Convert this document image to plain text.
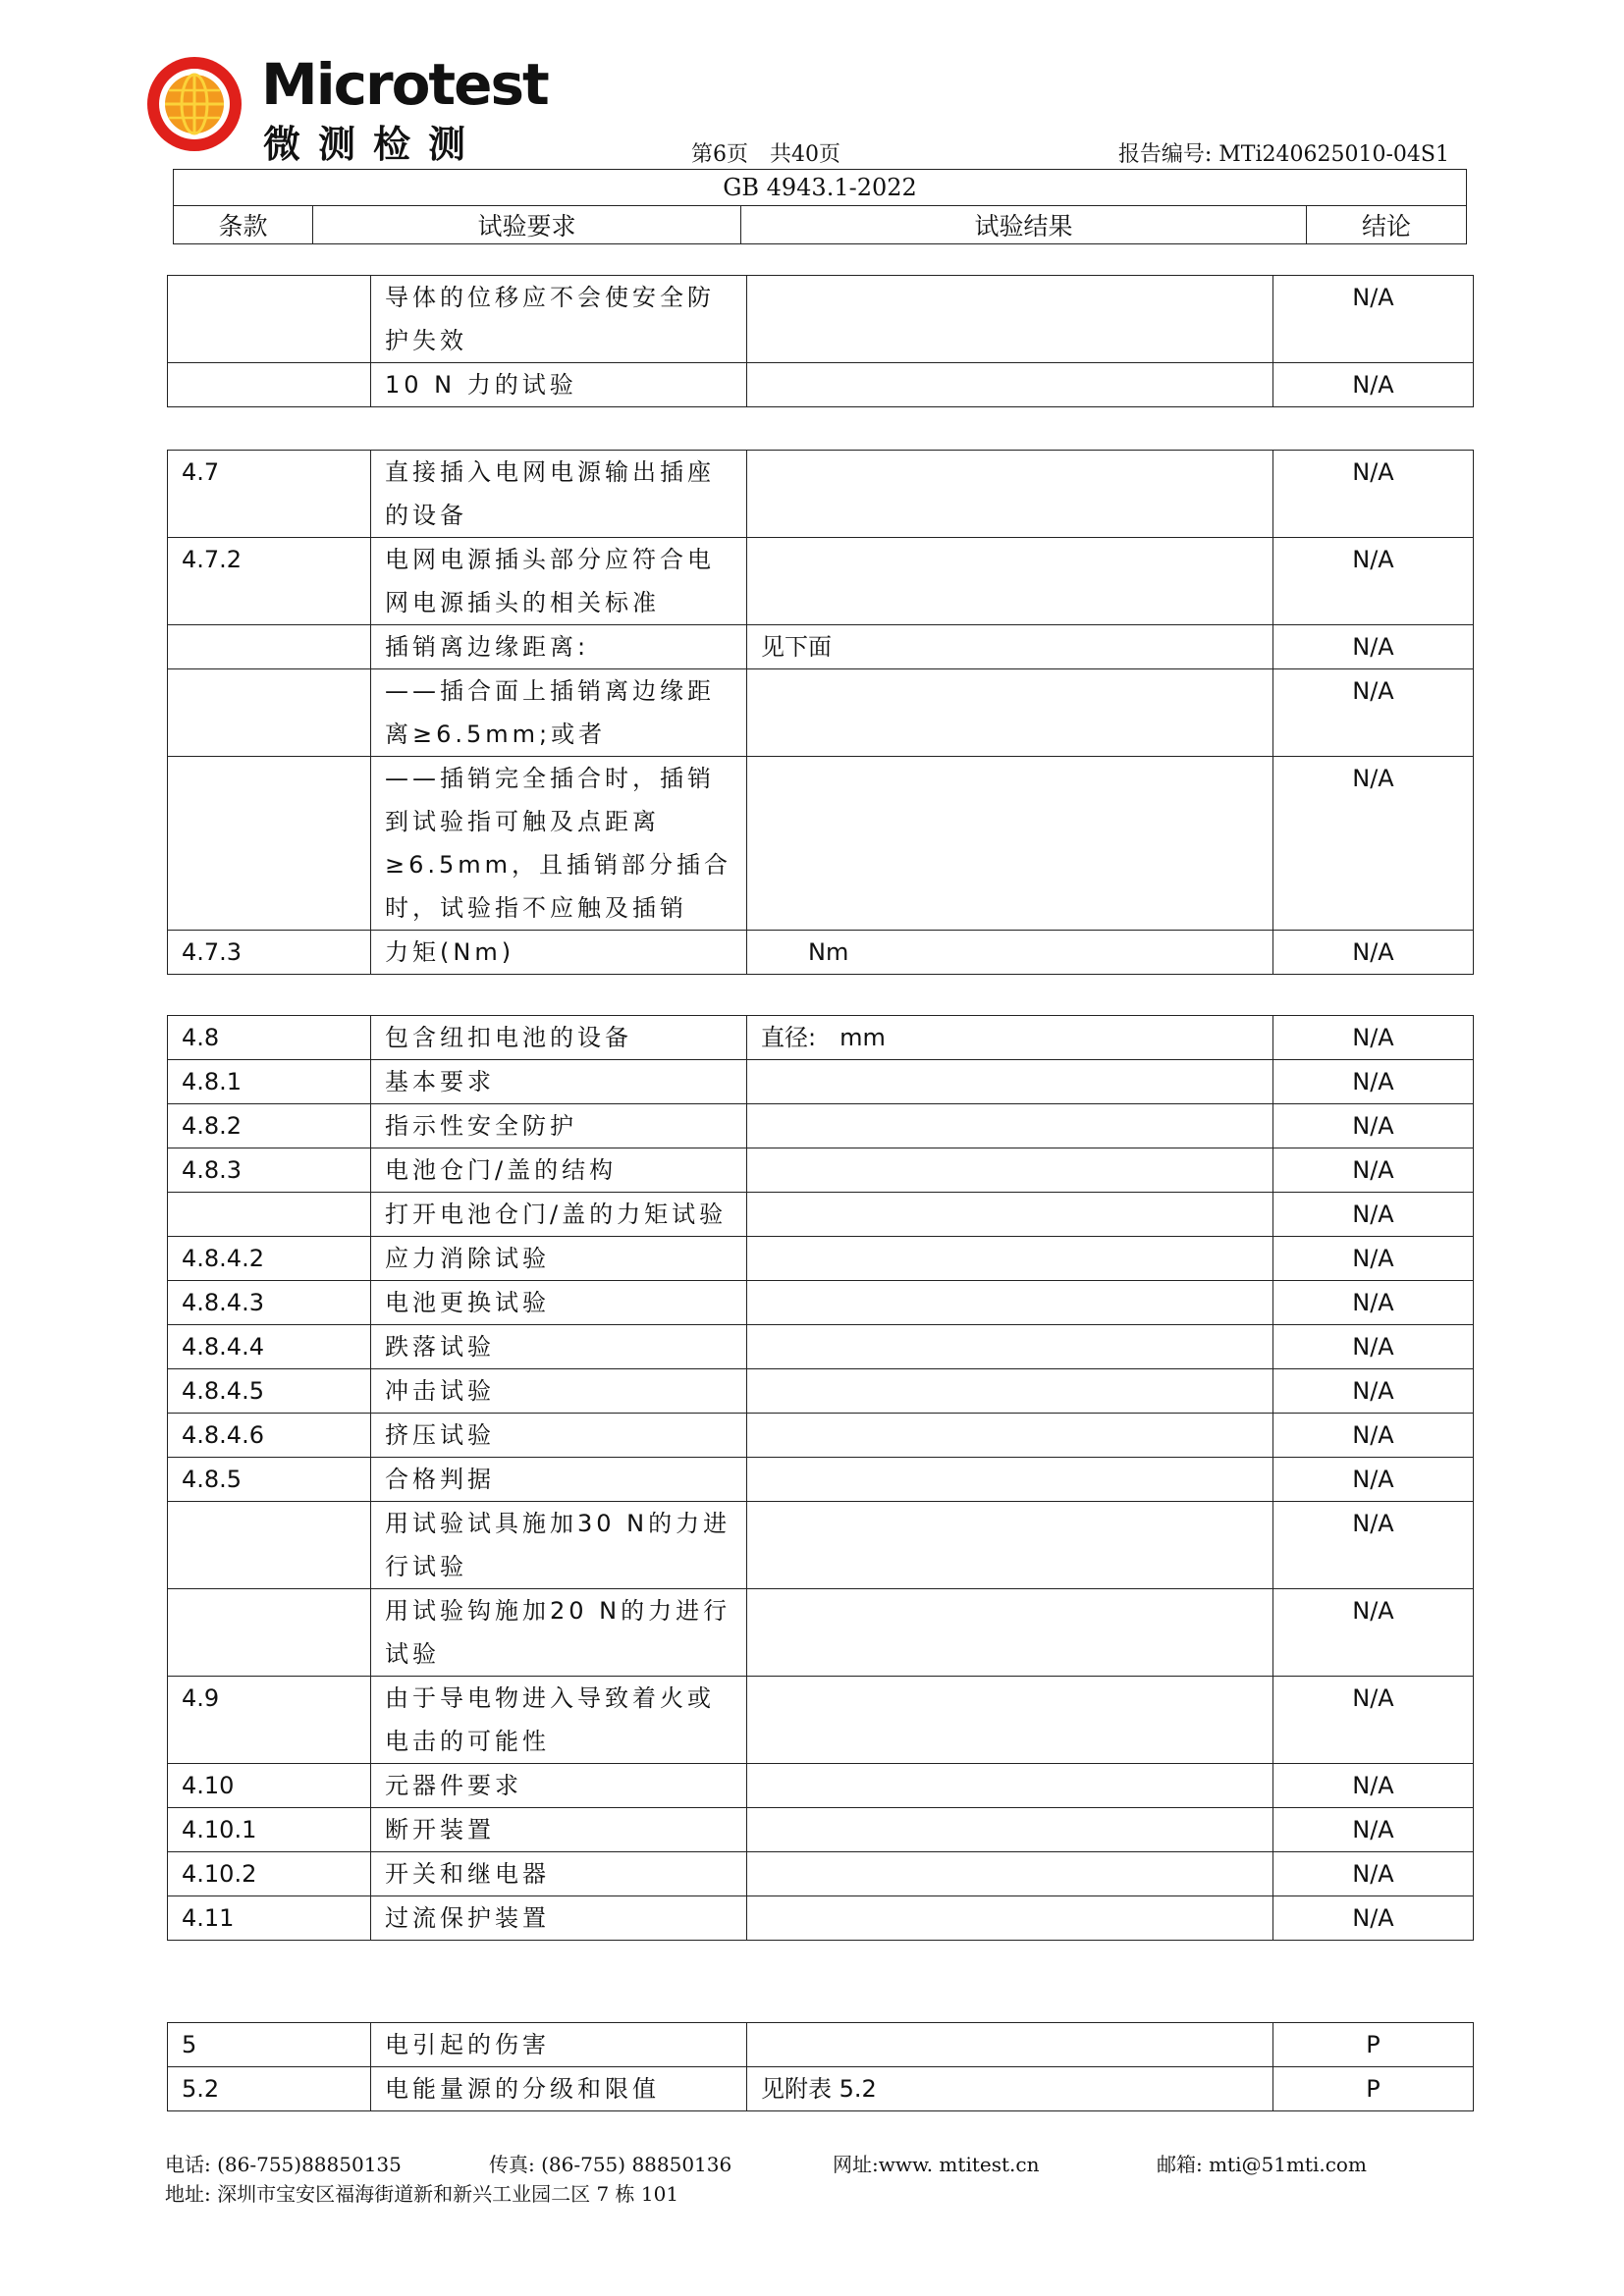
Microtest
微测检测	第6页　共40页	报告编号: MTi240625010-04S1
GB 4943.1-2022
条款	试验要求	试验结果	结论
	导体的位移应不会使安全防护失效		N/A
	10 N 力的试验		N/A
4.7	直接插入电网电源输出插座的设备		N/A
4.7.2	电网电源插头部分应符合电网电源插头的相关标准		N/A
	插销离边缘距离:	见下面	N/A
	——插合面上插销离边缘距离≥6.5mm;或者		N/A
	——插销完全插合时，插销到试验指可触及点距离≥6.5mm，且插销部分插合时，试验指不应触及插销		N/A
4.7.3	力矩(Nm)	　　Nm	N/A
4.8	包含纽扣电池的设备	直径:　mm	N/A
4.8.1	基本要求		N/A
4.8.2	指示性安全防护		N/A
4.8.3	电池仓门/盖的结构		N/A
	打开电池仓门/盖的力矩试验		N/A
4.8.4.2	应力消除试验		N/A
4.8.4.3	电池更换试验		N/A
4.8.4.4	跌落试验		N/A
4.8.4.5	冲击试验		N/A
4.8.4.6	挤压试验		N/A
4.8.5	合格判据		N/A
	用试验试具施加30 N的力进行试验		N/A
	用试验钩施加20 N的力进行试验		N/A
4.9	由于导电物进入导致着火或电击的可能性		N/A
4.10	元器件要求		N/A
4.10.1	断开装置		N/A
4.10.2	开关和继电器		N/A
4.11	过流保护装置		N/A
5	电引起的伤害		P
5.2	电能量源的分级和限值	见附表 5.2	P
电话: (86-755)88850135	传真: (86-755) 88850136	网址:www. mtitest.cn	邮箱: mti@51mti.com
地址: 深圳市宝安区福海街道新和新兴工业园二区 7 栋 101
